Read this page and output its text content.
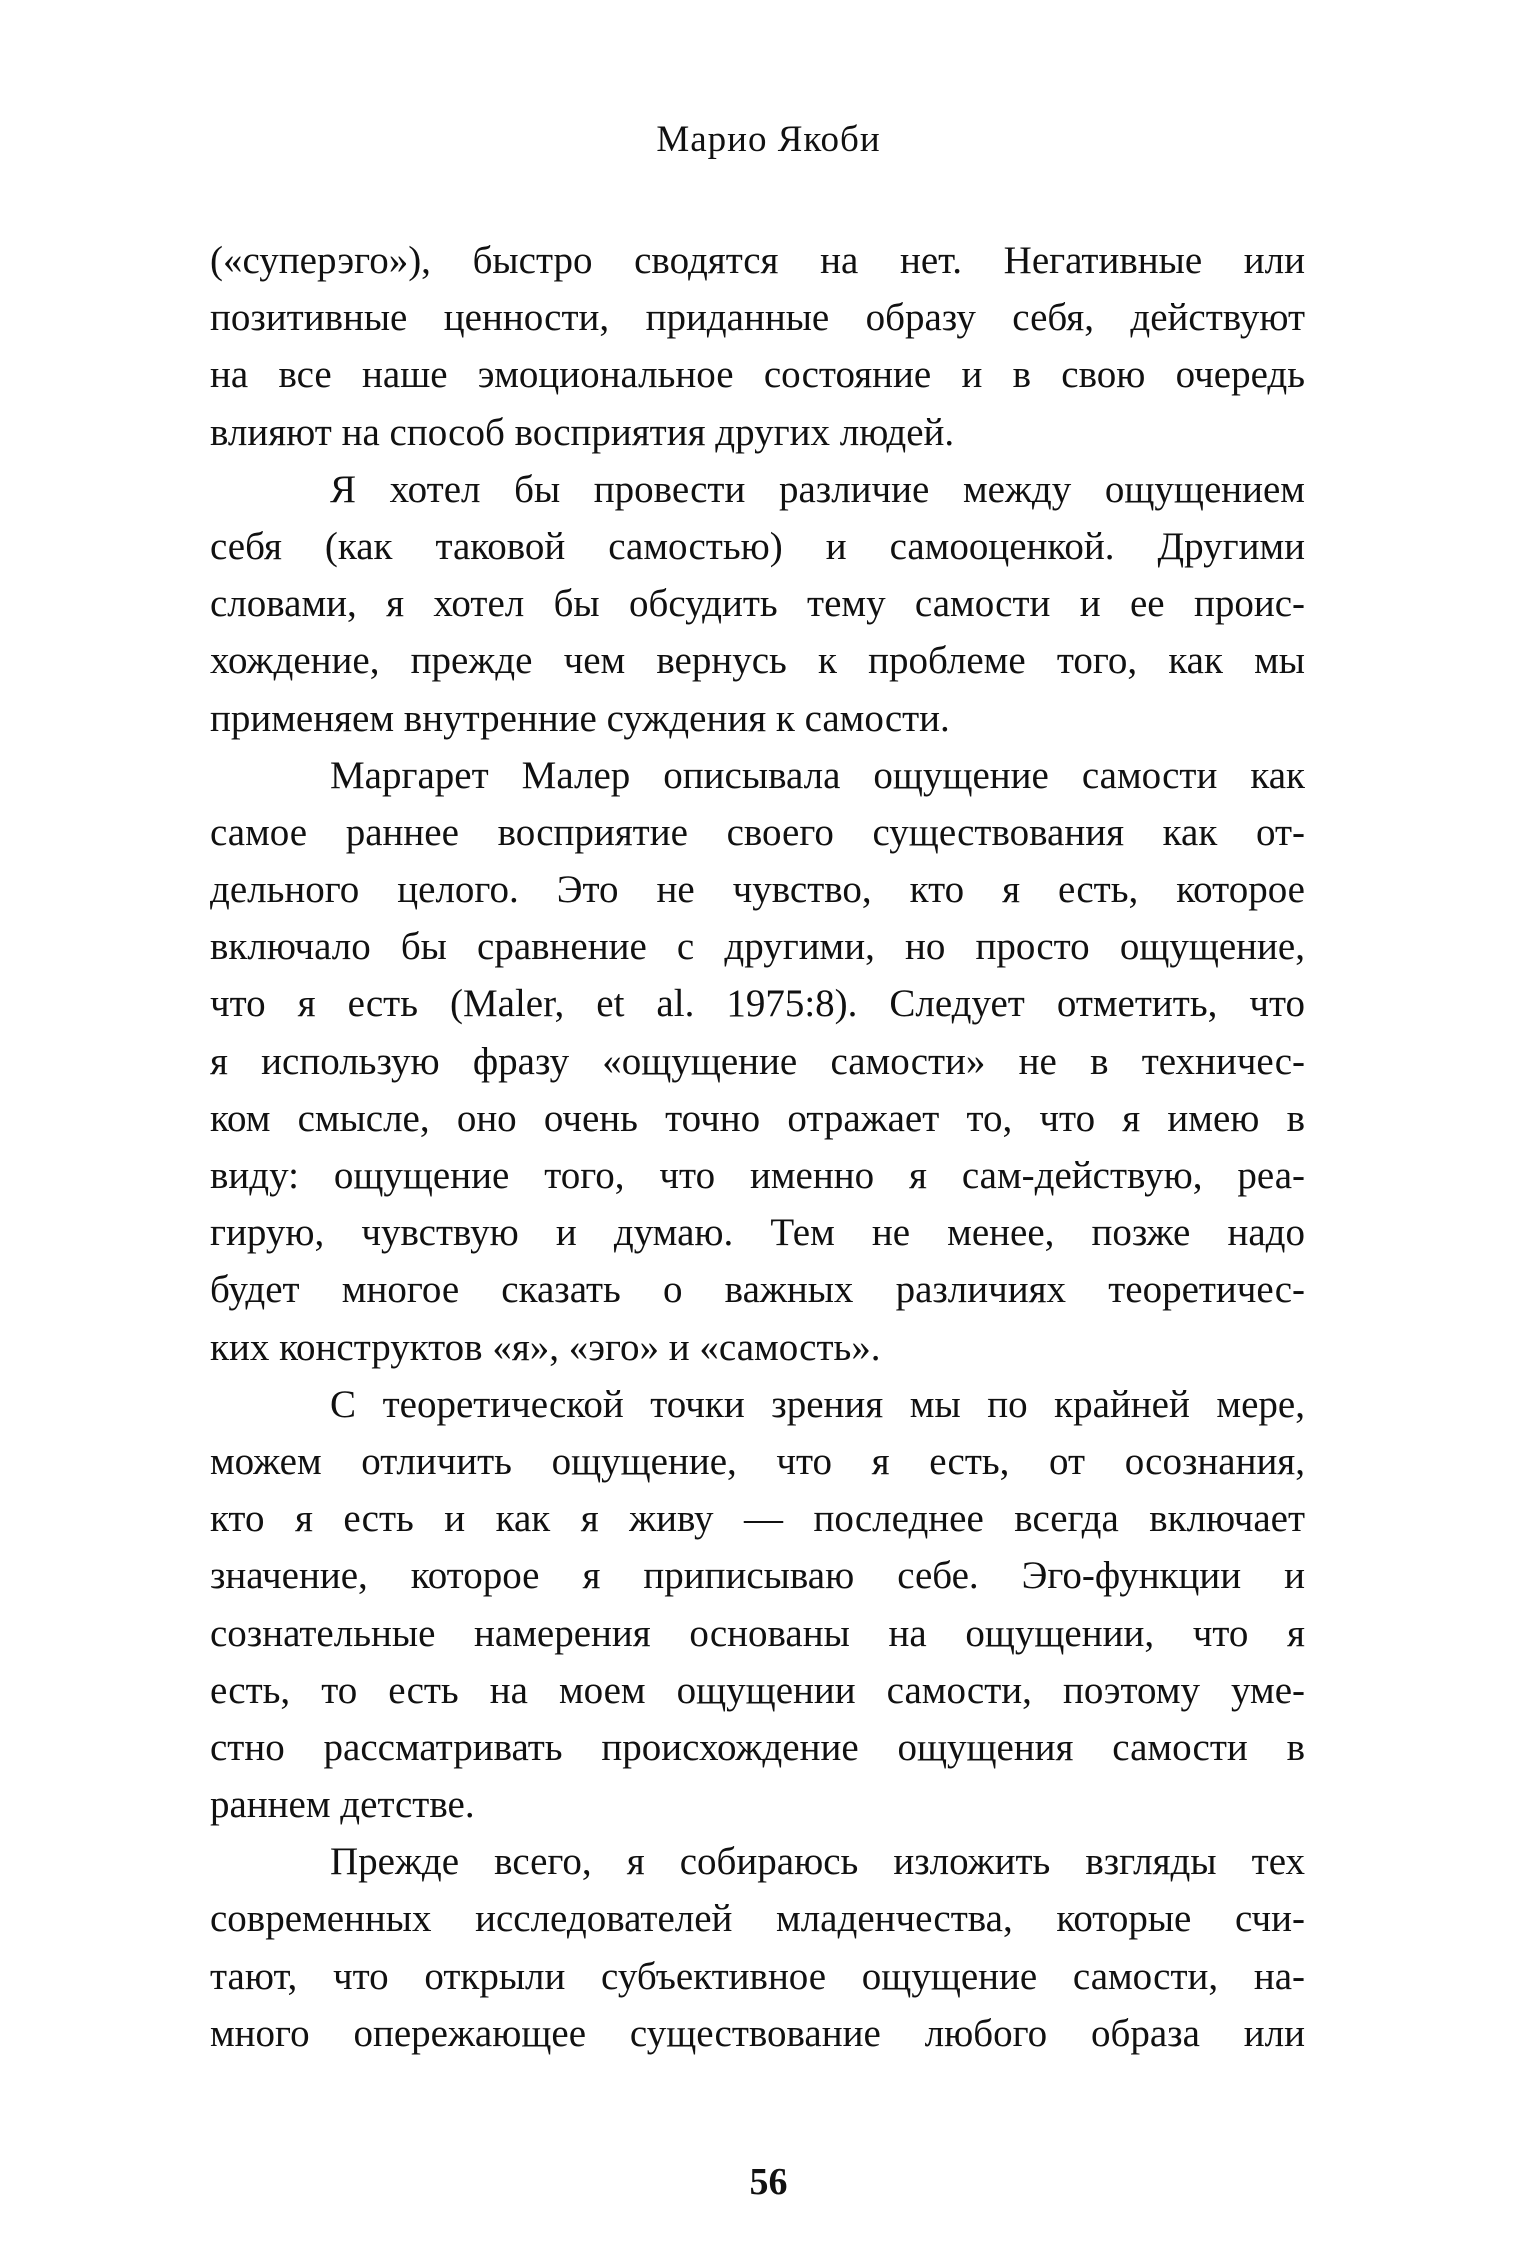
Марио Якоби
(«суперэго»), быстро сводятся на нет. Негативные или
позитивные ценности, приданные образу себя, действуют
на все наше эмоциональное состояние и в свою очередь
влияют на способ восприятия других людей.
Я хотел бы провести различие между ощущением
себя (как таковой самостью) и самооценкой. Другими
словами, я хотел бы обсудить тему самости и ее проис-
хождение, прежде чем вернусь к проблеме того, как мы
применяем внутренние суждения к самости.
Маргарет Малер описывала ощущение самости как
самое раннее восприятие своего существования как от-
дельного целого. Это не чувство, кто я есть, которое
включало бы сравнение с другими, но просто ощущение,
что я есть (Maler, et al. 1975:8). Следует отметить, что
я использую фразу «ощущение самости» не в техничес-
ком смысле, оно очень точно отражает то, что я имею в
виду: ощущение того, что именно я сам-действую, реа-
гирую, чувствую и думаю. Тем не менее, позже надо
будет многое сказать о важных различиях теоретичес-
ких конструктов «я», «эго» и «самость».
С теоретической точки зрения мы по крайней мере,
можем отличить ощущение, что я есть, от осознания,
кто я есть и как я живу — последнее всегда включает
значение, которое я приписываю себе. Эго-функции и
сознательные намерения основаны на ощущении, что я
есть, то есть на моем ощущении самости, поэтому уме-
стно рассматривать происхождение ощущения самости в
раннем детстве.
Прежде всего, я собираюсь изложить взгляды тех
современных исследователей младенчества, которые счи-
тают, что открыли субъективное ощущение самости, на-
много опережающее существование любого образа или
56
